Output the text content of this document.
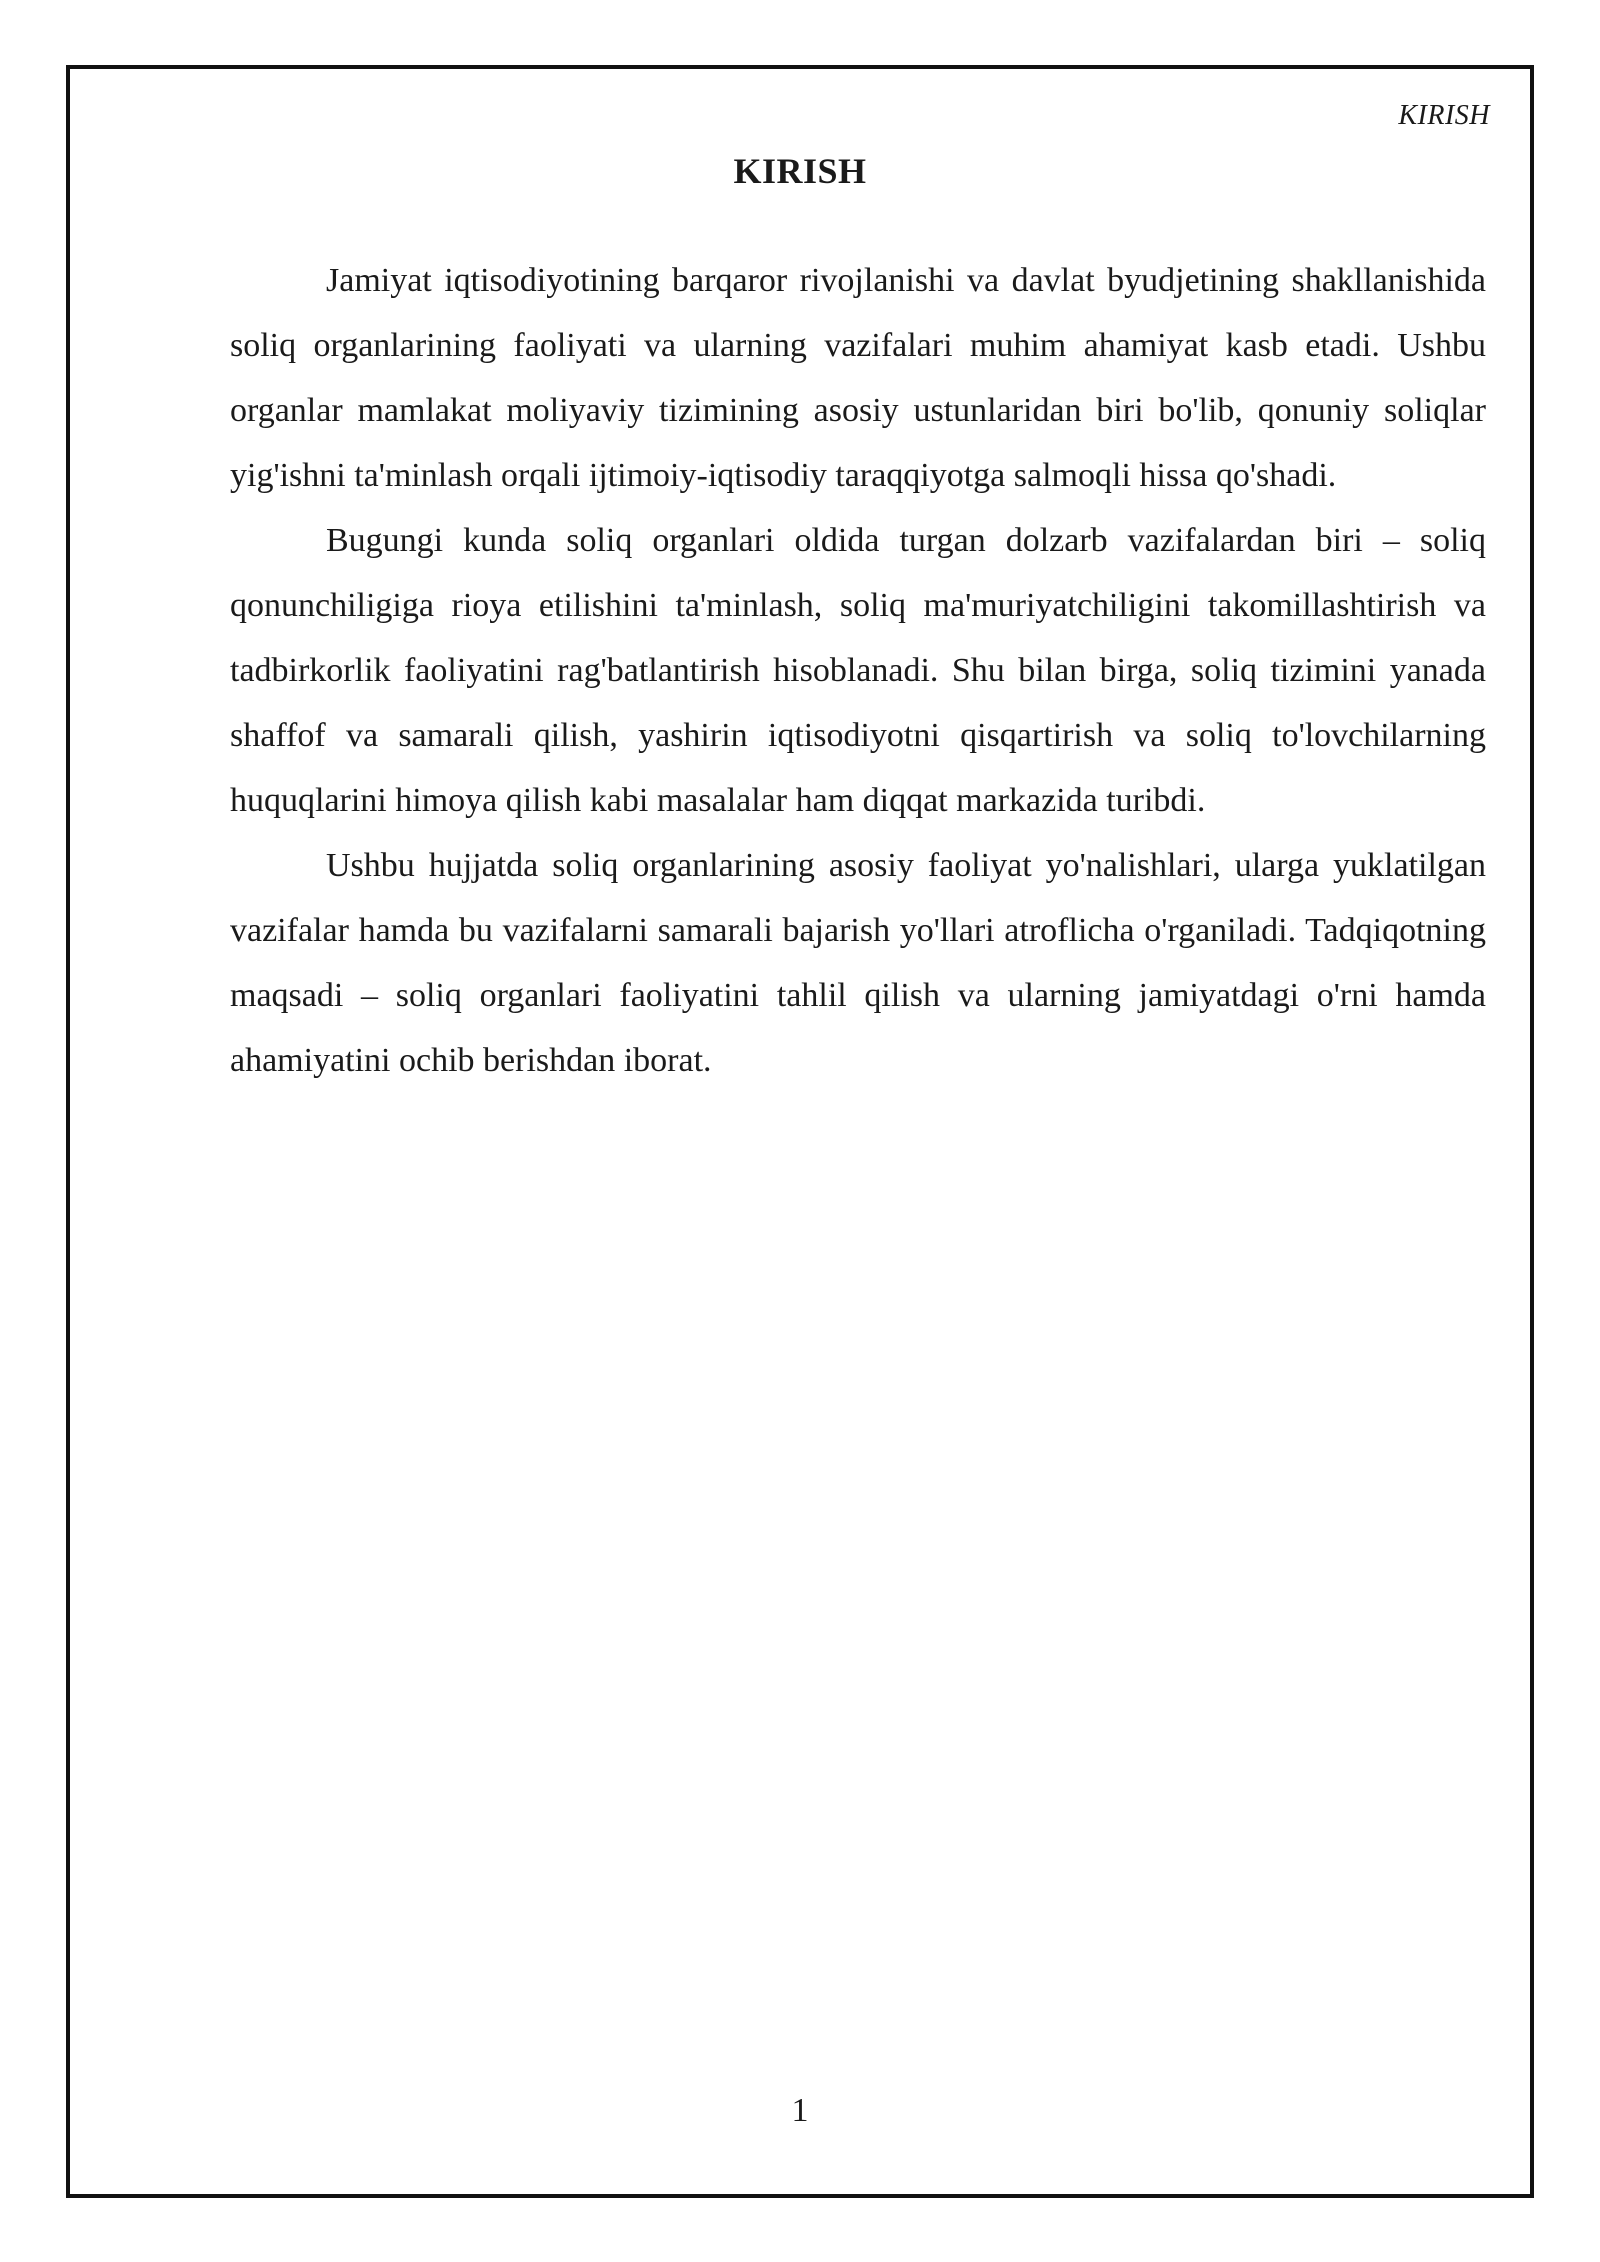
KIRISH
KIRISH

Jamiyat iqtisodiyotining barqaror rivojlanishi va davlat byudjetining shakllanishida soliq organlarining faoliyati va ularning vazifalari muhim ahamiyat kasb etadi. Ushbu organlar mamlakat moliyaviy tizimining asosiy ustunlaridan biri bo'lib, qonuniy soliqlar yig'ishni ta'minlash orqali ijtimoiy-iqtisodiy taraqqiyotga salmoqli hissa qo'shadi.

Bugungi kunda soliq organlari oldida turgan dolzarb vazifalardan biri – soliq qonunchiligiga rioya etilishini ta'minlash, soliq ma'muriyatchiligini takomillashtirish va tadbirkorlik faoliyatini rag'batlantirish hisoblanadi. Shu bilan birga, soliq tizimini yanada shaffof va samarali qilish, yashirin iqtisodiyotni qisqartirish va soliq to'lovchilarning huquqlarini himoya qilish kabi masalalar ham diqqat markazida turibdi.

Ushbu hujjatda soliq organlarining asosiy faoliyat yo'nalishlari, ularga yuklatilgan vazifalar hamda bu vazifalarni samarali bajarish yo'llari atroflicha o'rganiladi. Tadqiqotning maqsadi – soliq organlari faoliyatini tahlil qilish va ularning jamiyatdagi o'rni hamda ahamiyatini ochib berishdan iborat.

1
